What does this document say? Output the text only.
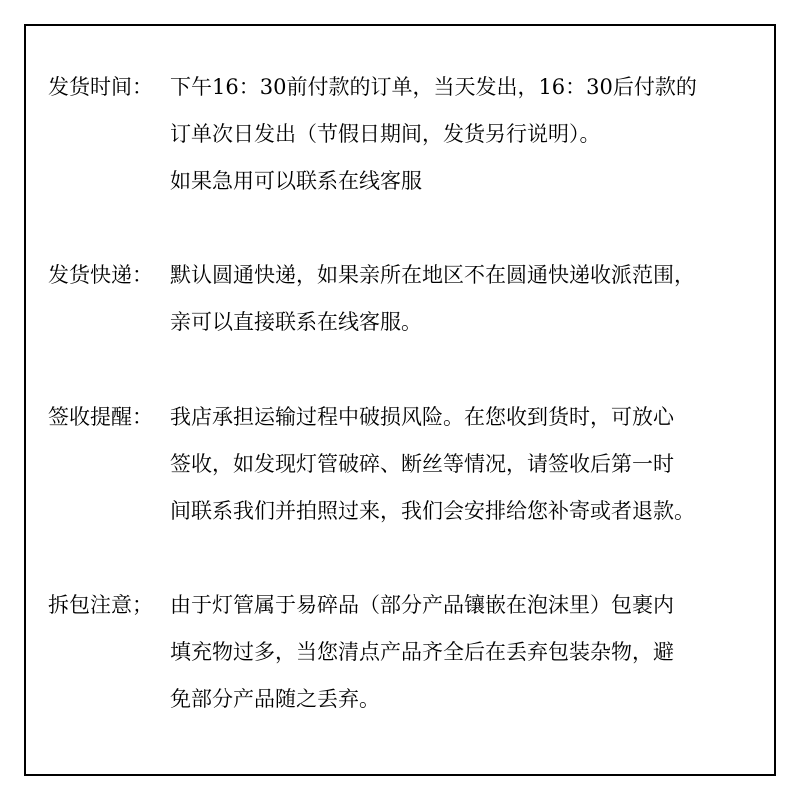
发货时间： 下午16：30前付款的订单，当天发出，16：30后付款的
订单次日发出（节假日期间，发货另行说明）。
如果急用可以联系在线客服
发货快递： 默认圆通快递，如果亲所在地区不在圆通快递收派范围，
亲可以直接联系在线客服。
签收提醒： 我店承担运输过程中破损风险。在您收到货时，可放心
签收，如发现灯管破碎、断丝等情况，请签收后第一时
间联系我们并拍照过来，我们会安排给您补寄或者退款。
拆包注意； 由于灯管属于易碎品（部分产品镶嵌在泡沫里）包裹内
填充物过多，当您清点产品齐全后在丢弃包装杂物，避
免部分产品随之丢弃。
